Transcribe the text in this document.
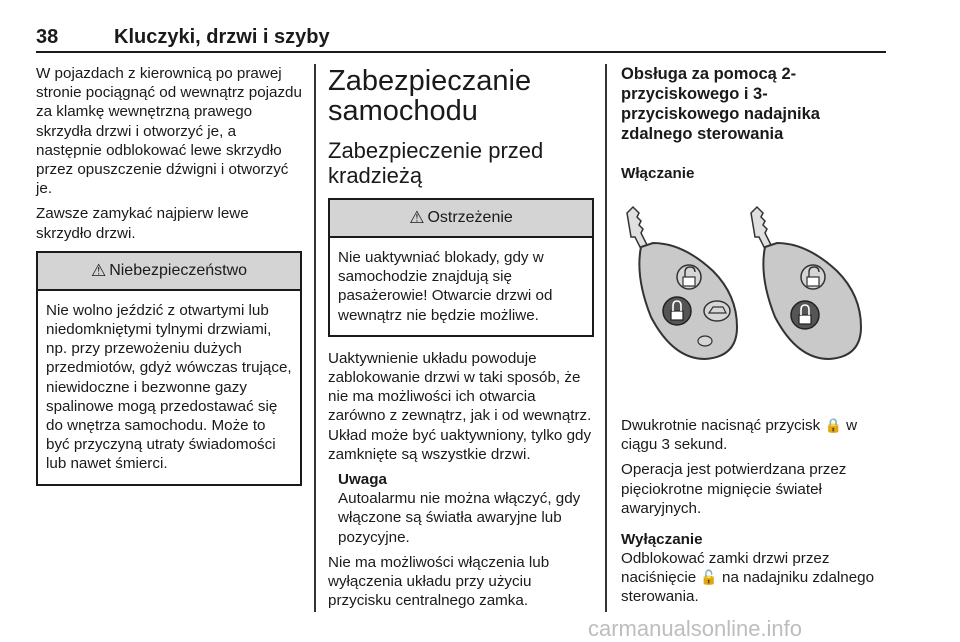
38	Kluczyki, drzwi i szyby

W pojazdach z kierownicą po prawej stronie pociągnąć od wewnątrz pojazdu za klamkę wewnętrzną prawego skrzydła drzwi i otworzyć je, a następnie odblokować lewe skrzydło przez opuszczenie dźwigni i otworzyć je.

Zawsze zamykać najpierw lewe skrzydło drzwi.

⚠ Niebezpieczeństwo
Nie wolno jeździć z otwartymi lub niedomkniętymi tylnymi drzwiami, np. przy przewożeniu dużych przedmiotów, gdyż wówczas trujące, niewidoczne i bezwonne gazy spalinowe mogą przedostawać się do wnętrza samochodu. Może to być przyczyną utraty świadomości lub nawet śmierci.
Zabezpieczanie samochodu
Zabezpieczenie przed kradzieżą
⚠ Ostrzeżenie
Nie uaktywniać blokady, gdy w samochodzie znajdują się pasażerowie! Otwarcie drzwi od wewnątrz nie będzie możliwe.

Uaktywnienie układu powoduje zablokowanie drzwi w taki sposób, że nie ma możliwości ich otwarcia zarówno z zewnątrz, jak i od wewnątrz. Układ może być uaktywniony, tylko gdy zamknięte są wszystkie drzwi.

Uwaga
Autoalarmu nie można włączyć, gdy włączone są światła awaryjne lub pozycyjne.

Nie ma możliwości włączenia lub wyłączenia układu przy użyciu przycisku centralnego zamka.

Obsługa za pomocą 2-przyciskowego i 3-przyciskowego nadajnika zdalnego sterowania
Włączanie

Dwukrotnie nacisnąć przycisk 🔒 w ciągu 3 sekund.

Operacja jest potwierdzana przez pięciokrotne mignięcie świateł awaryjnych.

Wyłączanie

Odblokować zamki drzwi przez naciśnięcie 🔓 na nadajniku zdalnego sterowania.

carmanualsonline.info
